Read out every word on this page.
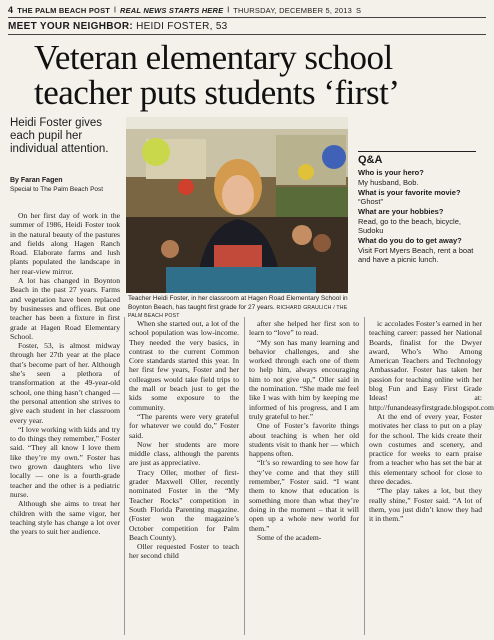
4 THE PALM BEACH POST | REAL NEWS STARTS HERE | THURSDAY, DECEMBER 5, 2013 S
MEET YOUR NEIGHBOR: HEIDI FOSTER, 53
Veteran elementary school teacher puts students ‘first’
Heidi Foster gives each pupil her individual attention.
By Faran Fagen
Special to The Palm Beach Post
Teacher Heidi Foster, in her classroom at Hagen Road Elementary School in Boynton Beach, has taught first grade for 27 years. RICHARD GRAULICH / THE PALM BEACH POST
Q&A
Who is your hero?
My husband, Bob.
What is your favorite movie?
“Ghost”
What are your hobbies?
Read, go to the beach, bicycle, Sudoku
What do you do to get away?
Visit Fort Myers Beach, rent a boat and have a picnic lunch.

On her first day of work in the summer of 1986, Heidi Foster took in the natural beauty of the pastures and fields along Hagen Ranch Road. Elaborate farms and lush plants populated the landscape in her rear-view mirror.

A lot has changed in Boynton Beach in the past 27 years. Farms and vegetation have been replaced by businesses and offices. But one teacher has been a fixture in first grade at Hagen Road Elementary School.

Foster, 53, is almost midway through her 27th year at the place that’s become part of her. Although she’s seen a plethora of transformation at the 49-year-old school, one thing hasn’t changed — the personal attention she strives to give each student in her classroom every year.

“I love working with kids and try to do things they remember,” Foster said. “They all know I love them like they’re my own.” Foster has two grown daughters who live locally — one is a fourth-grade teacher and the other is a pediatric nurse.

Although she aims to treat her children with the same vigor, her teaching style has change a lot over the years to suit her audience.

When she started out, a lot of the school population was low-income. They needed the very basics, in contrast to the current Common Core standards started this year. In her first few years, Foster and her colleagues would take field trips to the mall or beach just to get the kids some exposure to the community.

“The parents were very grateful for whatever we could do,” Foster said.

Now her students are more middle class, although the parents are just as appreciative.

Tracy Oller, mother of first-grader Maxwell Oller, recently nominated Foster in the “My Teacher Rocks” competition in South Florida Parenting magazine. (Foster won the magazine’s October competition for Palm Beach County).

Oller requested Foster to teach her second child

after she helped her first son to learn to “love” to read.

“My son has many learning and behavior challenges, and she worked through each one of them to help him, always encouraging him to not give up,” Oller said in the nomination. “She made me feel like I was with him by keeping me informed of his progress, and I am truly grateful to her.”

One of Foster’s favorite things about teaching is when her old students visit to thank her — which happens often.

“It’s so rewarding to see how far they’ve come and that they still remember,” Foster said. “I want them to know that education is something more than what they’re doing in the moment – that it will open up a whole new world for them.”

Some of the academ-

ic accolades Foster’s earned in her teaching career: passed her National Boards, finalist for the Dwyer award, Who’s Who Among American Teachers and Technology Ambassador. Foster has taken her passion for teaching online with her blog Fun and Easy First Grade Ideas! at: http://funandeasyfirstgrade.blogspot.com

At the end of every year, Foster motivates her class to put on a play for the school. The kids create their own costumes and scenery, and practice for weeks to earn praise from a teacher who has set the bar at this elementary school for close to three decades.

“The play takes a lot, but they really shine,” Foster said. “A lot of them, you just didn’t know they had it in them.”
